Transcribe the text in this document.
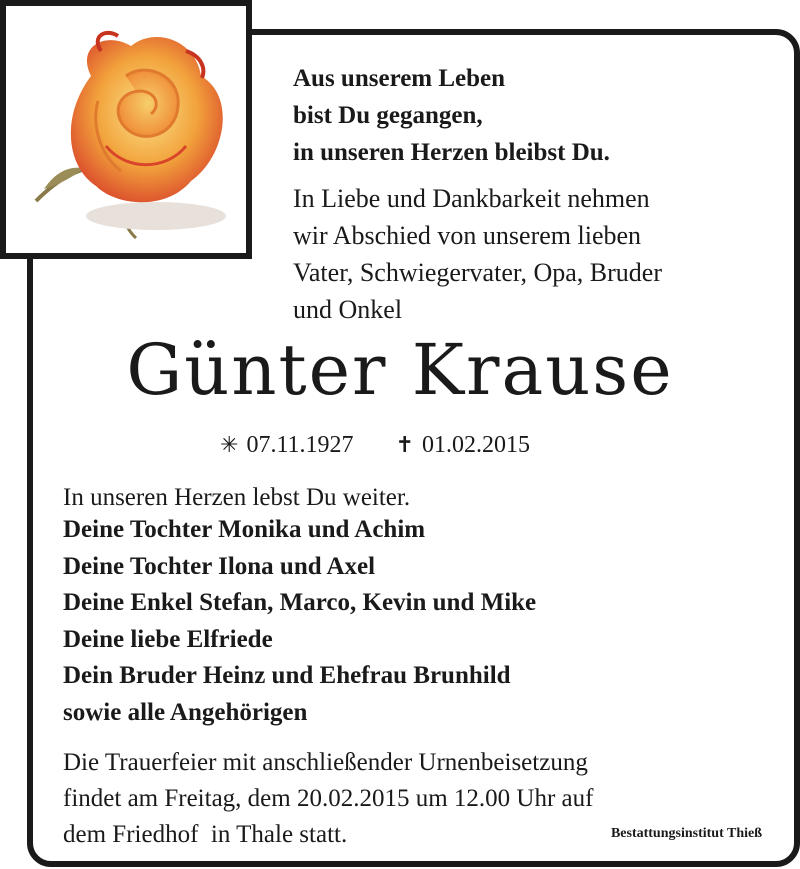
Aus unserem Leben
bist Du gegangen,
in unseren Herzen bleibst Du.
In Liebe und Dankbarkeit nehmen
wir Abschied von unserem lieben
Vater, Schwiegervater, Opa, Bruder
und Onkel
Günter Krause
✳ 07.11.1927 ✝ 01.02.2015
In unseren Herzen lebst Du weiter.
Deine Tochter Monika und Achim
Deine Tochter Ilona und Axel
Deine Enkel Stefan, Marco, Kevin und Mike
Deine liebe Elfriede
Dein Bruder Heinz und Ehefrau Brunhild
sowie alle Angehörigen
Die Trauerfeier mit anschließender Urnenbeisetzung
findet am Freitag, dem 20.02.2015 um 12.00 Uhr auf
dem Friedhof  in Thale statt.	Bestattungsinstitut Thieß
